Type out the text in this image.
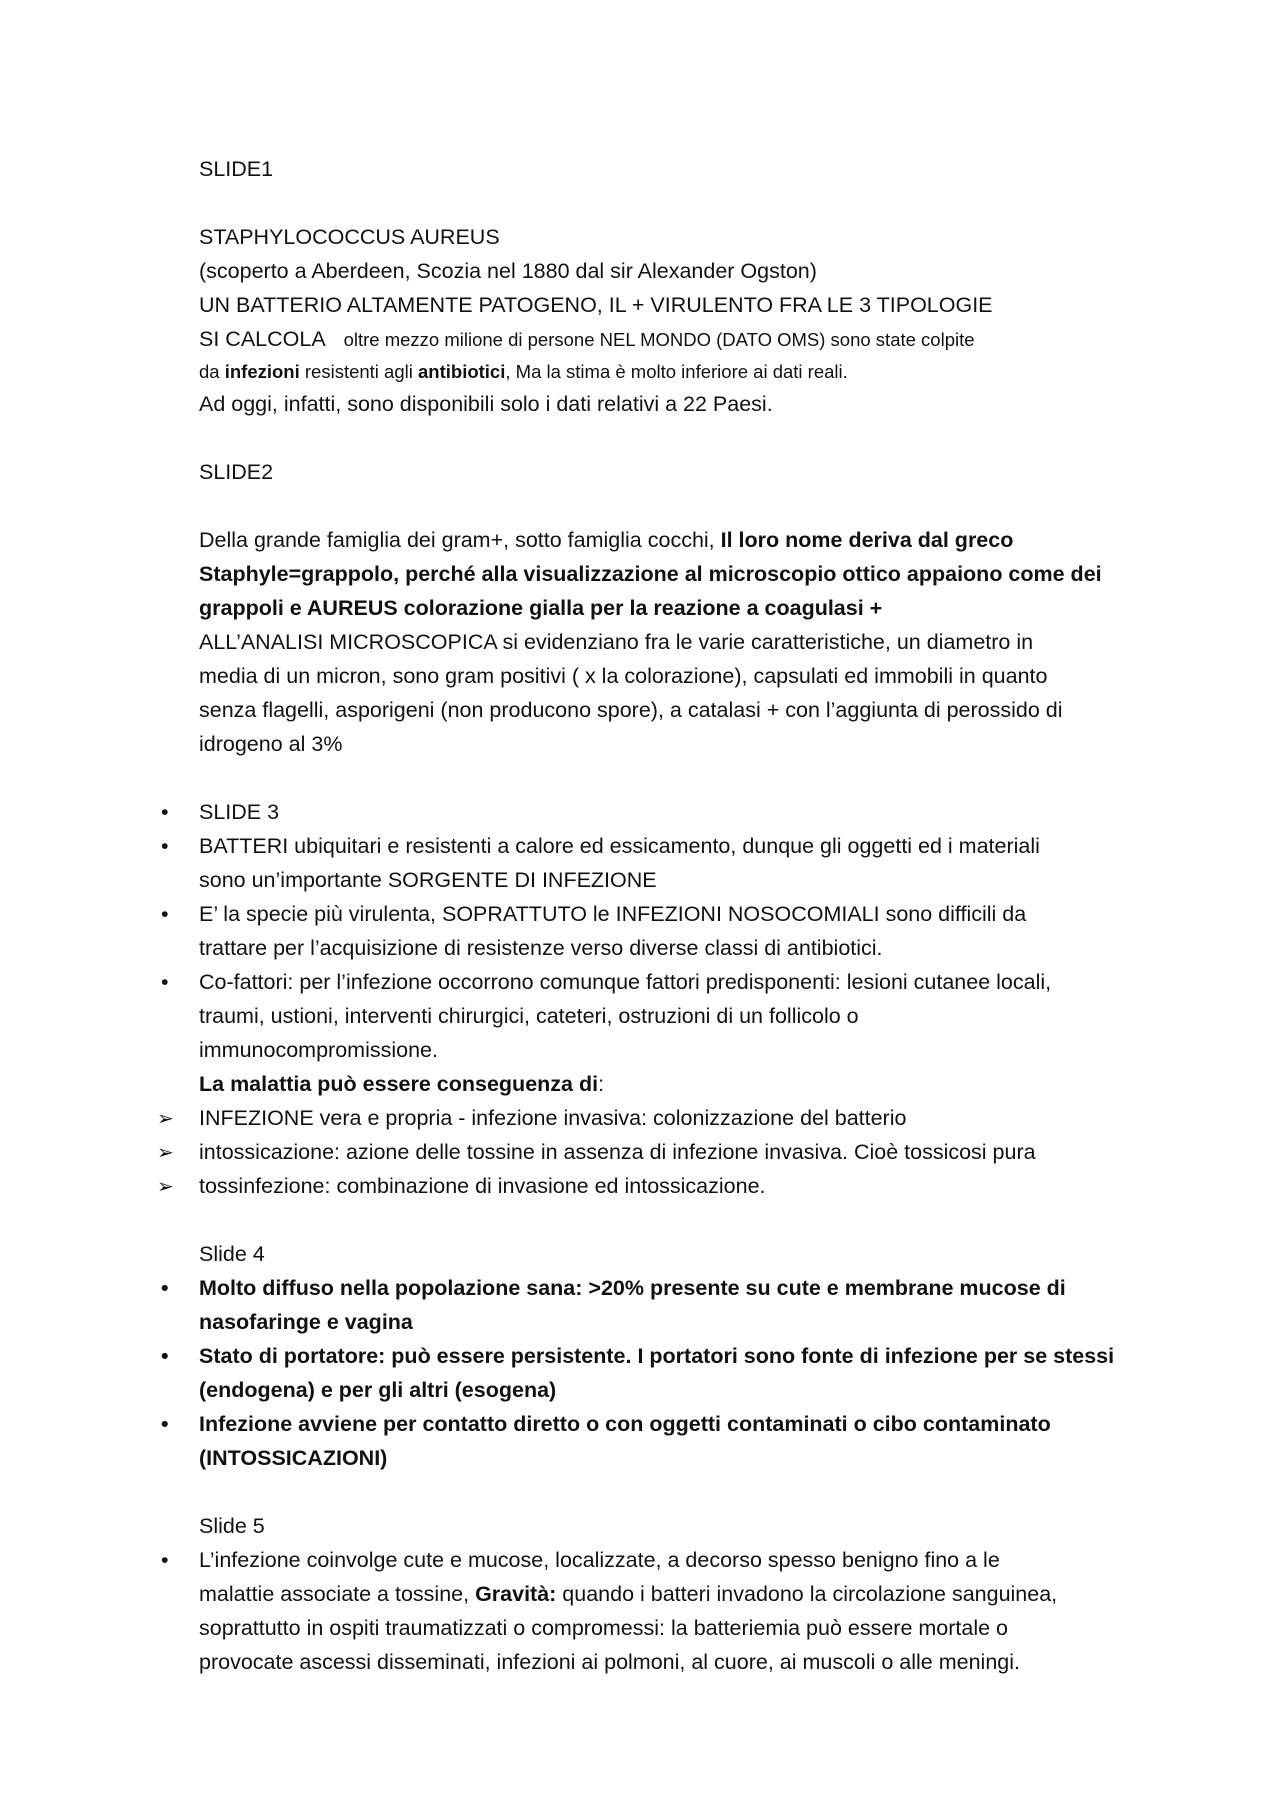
SLIDE1
STAPHYLOCOCCUS AUREUS
(scoperto a Aberdeen, Scozia nel 1880 dal sir Alexander Ogston)
UN BATTERIO ALTAMENTE PATOGENO, IL + VIRULENTO FRA LE 3 TIPOLOGIE
SI CALCOLA oltre mezzo milione di persone NEL MONDO (DATO OMS) sono state colpite
da infezioni resistenti agli antibiotici, Ma la stima è molto inferiore ai dati reali.
Ad oggi, infatti, sono disponibili solo i dati relativi a 22 Paesi.
SLIDE2
Della grande famiglia dei gram+, sotto famiglia cocchi, Il loro nome deriva dal greco
Staphyle=grappolo, perché alla visualizzazione al microscopio ottico appaiono come dei
grappoli e AUREUS colorazione gialla per la reazione a coagulasi +
ALL’ANALISI MICROSCOPICA si evidenziano fra le varie caratteristiche, un diametro in
media di un micron, sono gram positivi ( x la colorazione), capsulati ed immobili in quanto
senza flagelli, asporigeni (non producono spore), a catalasi + con l’aggiunta di perossido di
idrogeno al 3%
• SLIDE 3
• BATTERI ubiquitari e resistenti a calore ed essicamento, dunque gli oggetti ed i materiali
sono un’importante SORGENTE DI INFEZIONE
• E’ la specie più virulenta, SOPRATTUTO le INFEZIONI NOSOCOMIALI sono difficili da
trattare per l’acquisizione di resistenze verso diverse classi di antibiotici.
• Co-fattori: per l’infezione occorrono comunque fattori predisponenti: lesioni cutanee locali,
traumi, ustioni, interventi chirurgici, cateteri, ostruzioni di un follicolo o
immunocompromissione.
La malattia può essere conseguenza di:
➢ INFEZIONE vera e propria - infezione invasiva: colonizzazione del batterio
➢ intossicazione: azione delle tossine in assenza di infezione invasiva. Cioè tossicosi pura
➢ tossinfezione: combinazione di invasione ed intossicazione.
Slide 4
• Molto diffuso nella popolazione sana: >20% presente su cute e membrane mucose di
nasofaringe e vagina
• Stato di portatore: può essere persistente. I portatori sono fonte di infezione per se stessi
(endogena) e per gli altri (esogena)
• Infezione avviene per contatto diretto o con oggetti contaminati o cibo contaminato
(INTOSSICAZIONI)
Slide 5
• L’infezione coinvolge cute e mucose, localizzate, a decorso spesso benigno fino a le
malattie associate a tossine, Gravità: quando i batteri invadono la circolazione sanguinea,
soprattutto in ospiti traumatizzati o compromessi: la batteriemia può essere mortale o
provocate ascessi disseminati, infezioni ai polmoni, al cuore, ai muscoli o alle meningi.
